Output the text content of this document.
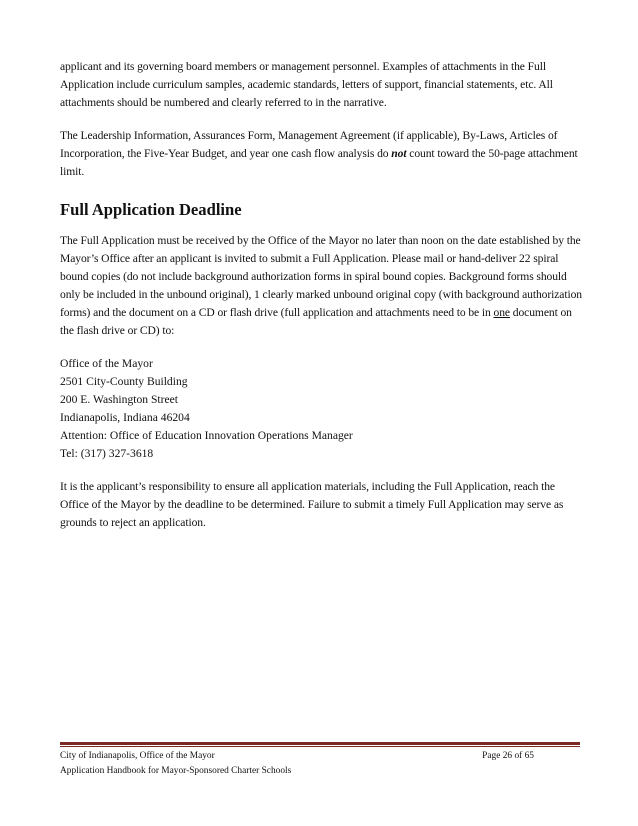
applicant and its governing board members or management personnel. Examples of attachments in the Full Application include curriculum samples, academic standards, letters of support, financial statements, etc. All attachments should be numbered and clearly referred to in the narrative.

The Leadership Information, Assurances Form, Management Agreement (if applicable), By-Laws, Articles of Incorporation, the Five-Year Budget, and year one cash flow analysis do not count toward the 50-page attachment limit.

Full Application Deadline

The Full Application must be received by the Office of the Mayor no later than noon on the date established by the Mayor’s Office after an applicant is invited to submit a Full Application. Please mail or hand-deliver 22 spiral bound copies (do not include background authorization forms in spiral bound copies. Background forms should only be included in the unbound original), 1 clearly marked unbound original copy (with background authorization forms) and the document on a CD or flash drive (full application and attachments need to be in one document on the flash drive or CD) to:

Office of the Mayor
2501 City-County Building
200 E. Washington Street
Indianapolis, Indiana 46204
Attention: Office of Education Innovation Operations Manager
Tel: (317) 327-3618

It is the applicant’s responsibility to ensure all application materials, including the Full Application, reach the Office of the Mayor by the deadline to be determined. Failure to submit a timely Full Application may serve as grounds to reject an application.

City of Indianapolis, Office of the Mayor	Page 26 of 65
Application Handbook for Mayor-Sponsored Charter Schools
